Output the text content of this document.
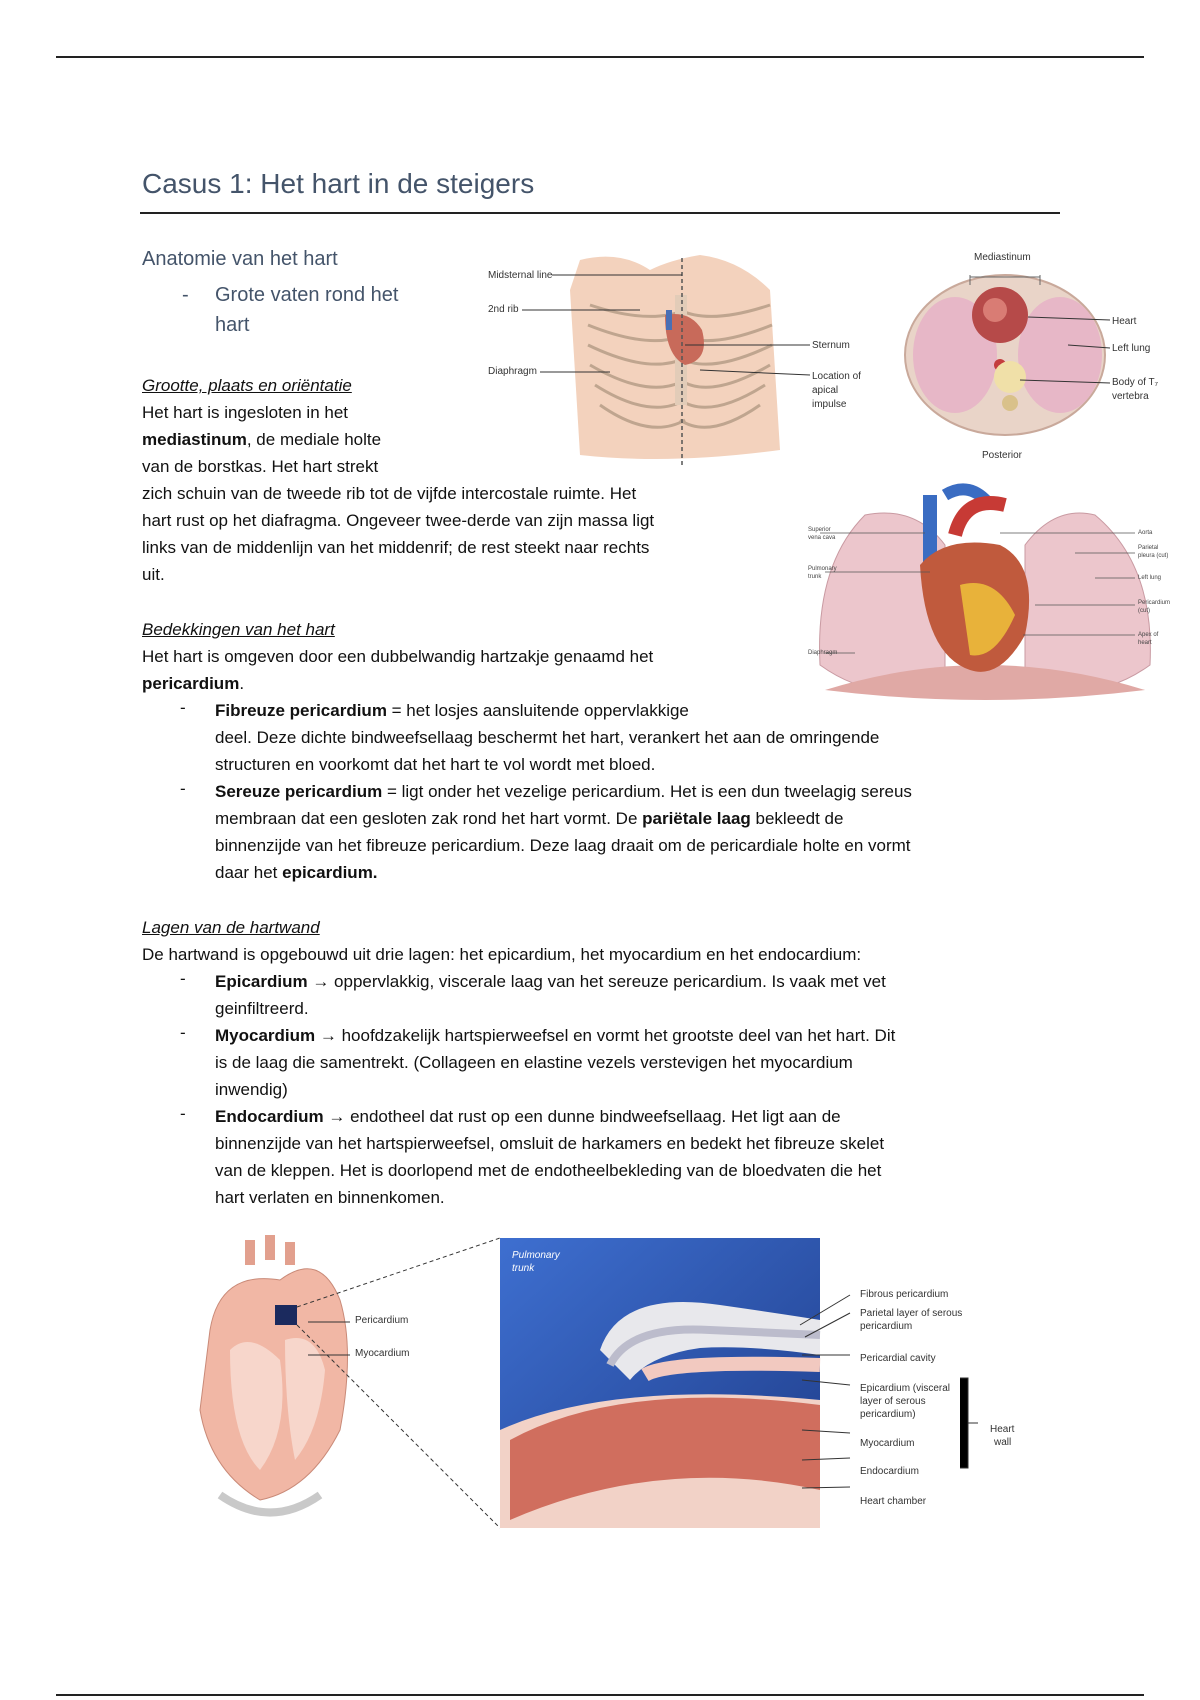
Casus 1: Het hart in de steigers
Anatomie van het hart
- Grote vaten rond het
hart
Grootte, plaats en oriëntatie
Het hart is ingesloten in het
mediastinum, de mediale holte
van de borstkas. Het hart strekt
zich schuin van de tweede rib tot de vijfde intercostale ruimte. Het
hart rust op het diafragma. Ongeveer twee-derde van zijn massa ligt
links van de middenlijn van het middenrif; de rest steekt naar rechts
uit.
Bedekkingen van het hart
Het hart is omgeven door een dubbelwandig hartzakje genaamd het
pericardium.
- Fibreuze pericardium = het losjes aansluitende oppervlakkige
deel. Deze dichte bindweefsellaag beschermt het hart, verankert het aan de omringende
structuren en voorkomt dat het hart te vol wordt met bloed.
- Sereuze pericardium = ligt onder het vezelige pericardium. Het is een dun tweelagig sereus
membraan dat een gesloten zak rond het hart vormt. De pariëtale laag bekleedt de
binnenzijde van het fibreuze pericardium. Deze laag draait om de pericardiale holte en vormt
daar het epicardium.
Lagen van de hartwand
De hartwand is opgebouwd uit drie lagen: het epicardium, het myocardium en het endocardium:
- Epicardium → oppervlakkig, viscerale laag van het sereuze pericardium. Is vaak met vet
geinfiltreerd.
- Myocardium → hoofdzakelijk hartspierweefsel en vormt het grootste deel van het hart. Dit
is de laag die samentrekt. (Collageen en elastine vezels verstevigen het myocardium
inwendig)
- Endocardium → endotheel dat rust op een dunne bindweefsellaag. Het ligt aan de
binnenzijde van het hartspierweefsel, omsluit de harkamers en bedekt het fibreuze skelet
van de kleppen. Het is doorlopend met de endotheelbekleding van de bloedvaten die het
hart verlaten en binnenkomen.
Midsternal line
2nd rib
Diaphragm
Sternum
Location of
apical
impulse
Mediastinum
Heart
Left lung
Body of T₇
vertebra
Posterior
Superior
vena cava
Pulmonary
trunk
Diaphragm
Aorta
Parietal
pleura (cut)
Left lung
Pericardium
(cut)
Apex of
heart
Pericardium
Myocardium
Pulmonary
trunk
Fibrous pericardium
Parietal layer of serous
pericardium
Pericardial cavity
Epicardium (visceral
layer of serous
pericardium)
Myocardium
Endocardium
Heart chamber
Heart
wall
